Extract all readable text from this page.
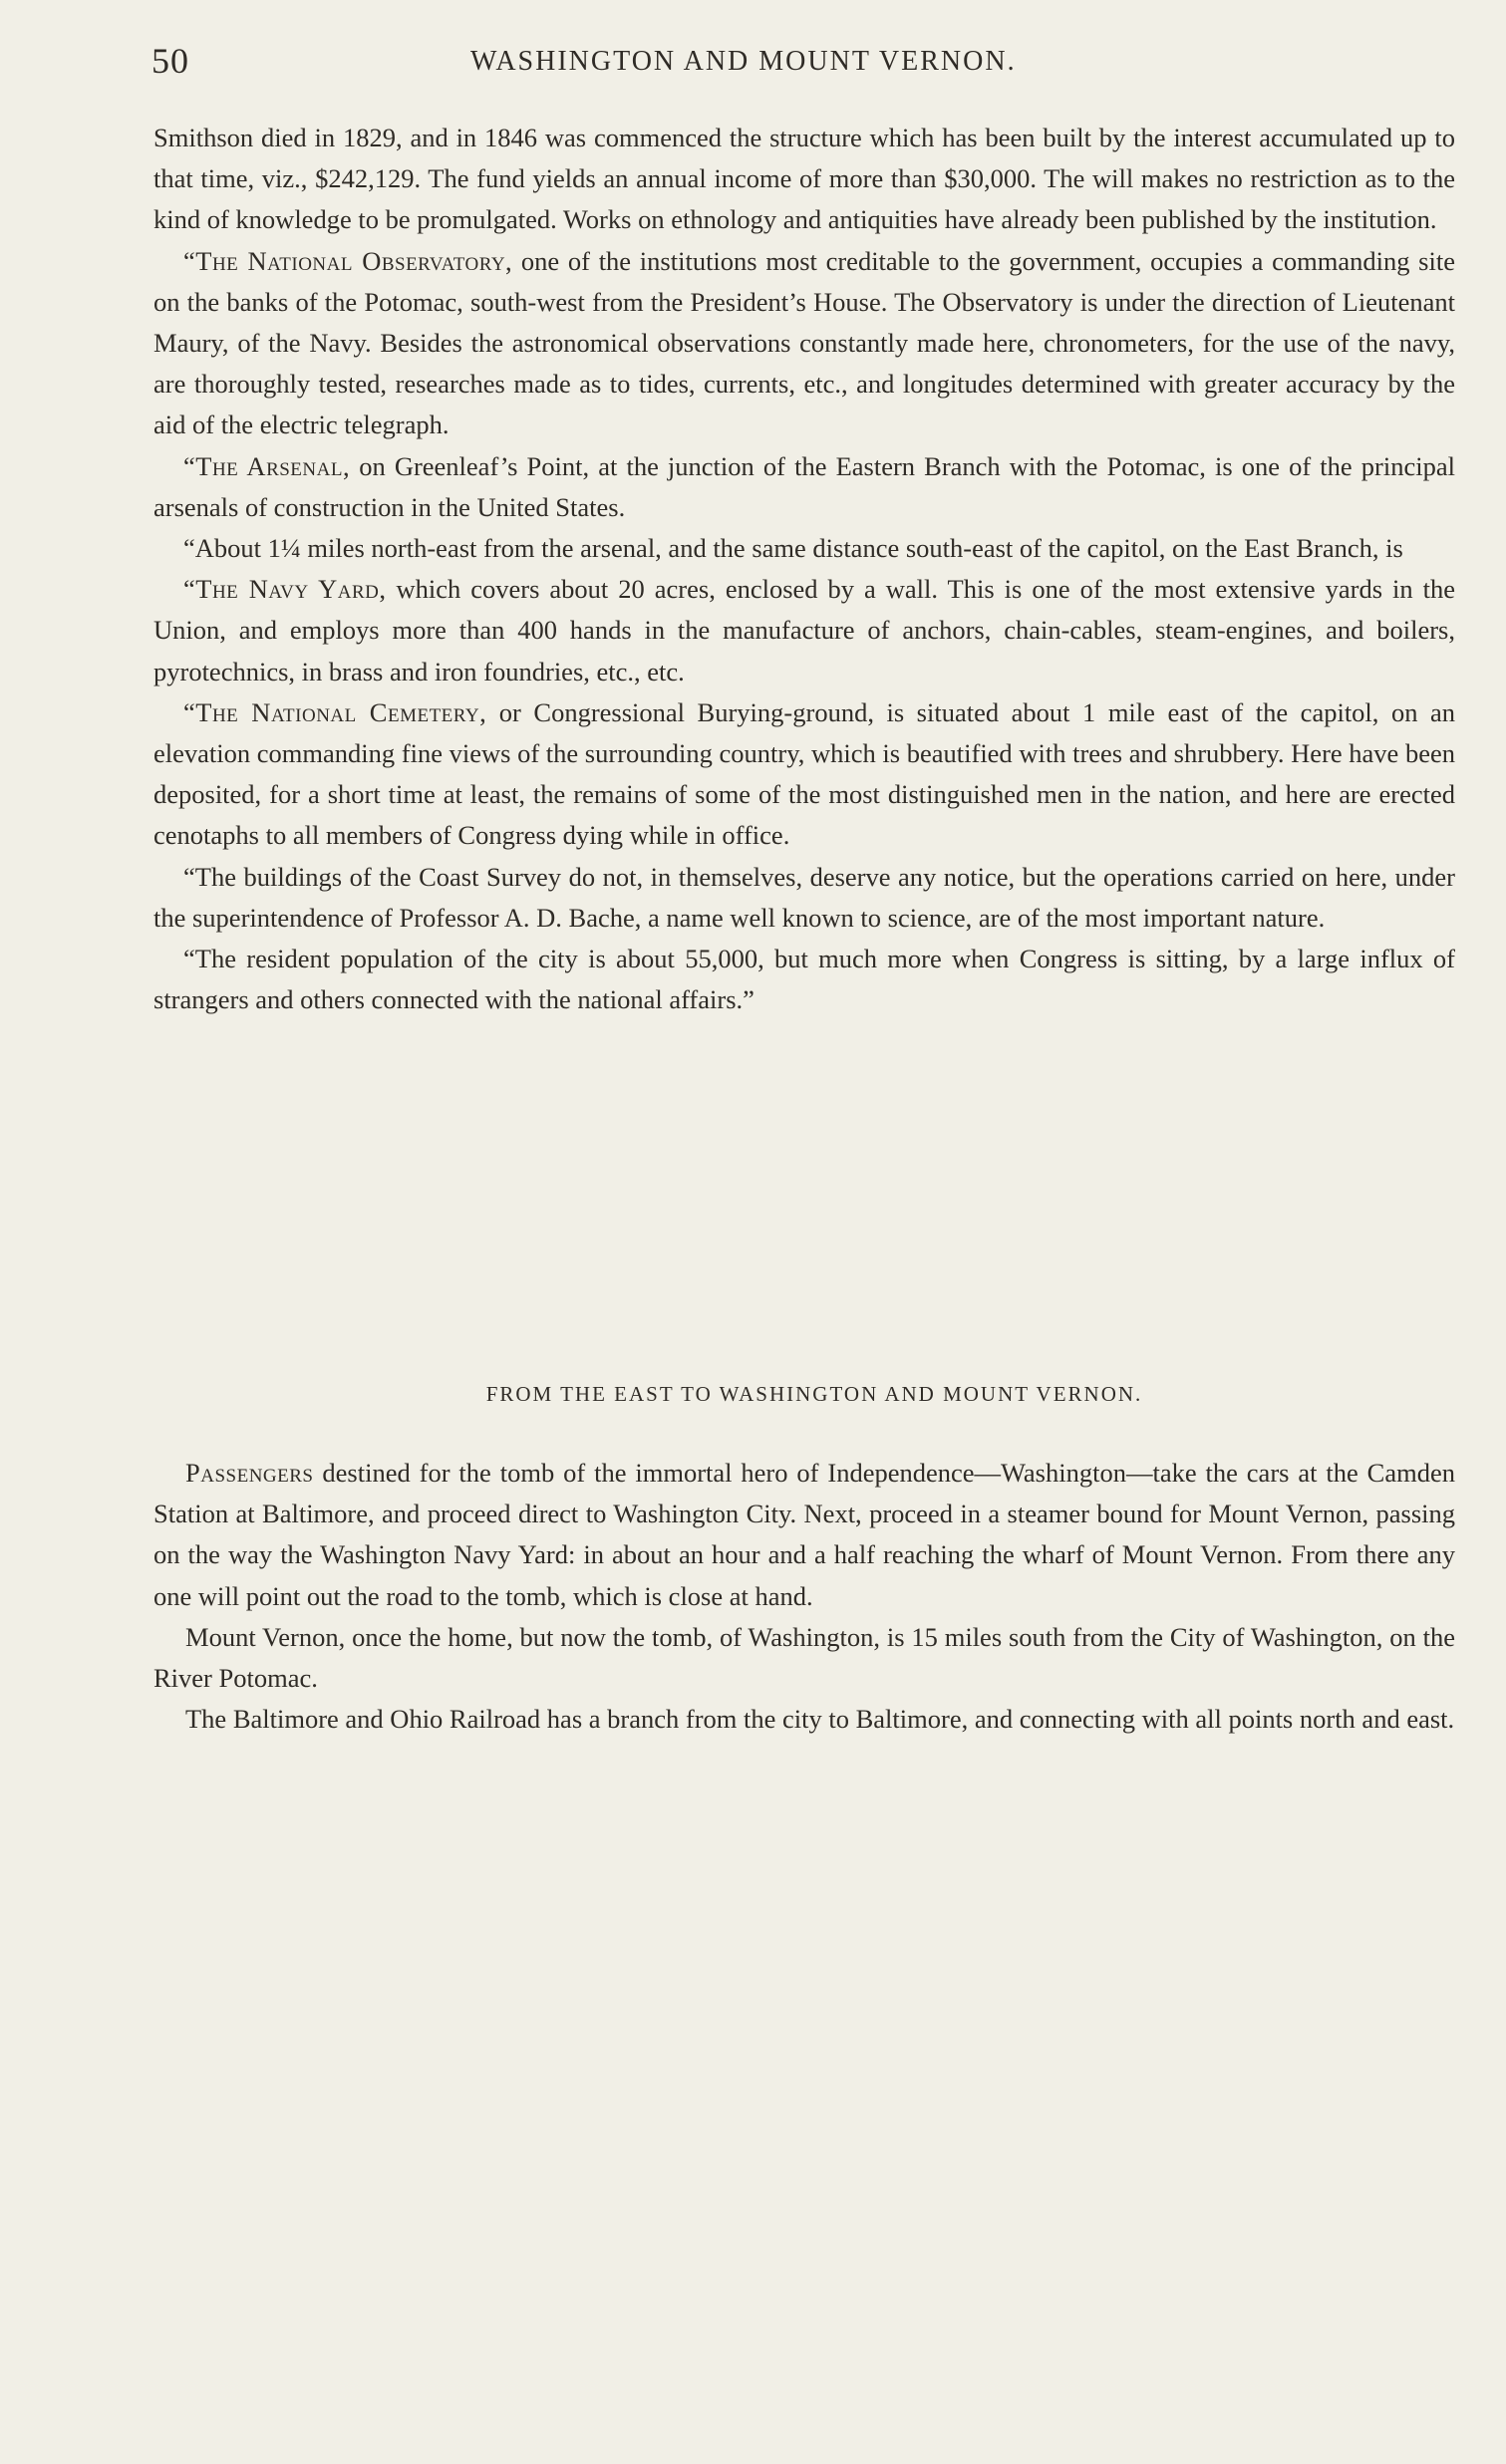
50	WASHINGTON AND MOUNT VERNON.

Smithson died in 1829, and in 1846 was commenced the structure which has been built by the interest accumulated up to that time, viz., $242,129. The fund yields an annual income of more than $30,000. The will makes no restriction as to the kind of knowledge to be promulgated. Works on ethnology and antiquities have already been published by the institution.

“The National Observatory, one of the institutions most creditable to the government, occupies a commanding site on the banks of the Potomac, south-west from the President’s House. The Observatory is under the direction of Lieutenant Maury, of the Navy. Besides the astronomical observations constantly made here, chronometers, for the use of the navy, are thoroughly tested, researches made as to tides, currents, etc., and longitudes determined with greater accuracy by the aid of the electric telegraph.

“The Arsenal, on Greenleaf’s Point, at the junction of the Eastern Branch with the Potomac, is one of the principal arsenals of construction in the United States.

“About 1¼ miles north-east from the arsenal, and the same distance south-east of the capitol, on the East Branch, is

“The Navy Yard, which covers about 20 acres, enclosed by a wall. This is one of the most extensive yards in the Union, and employs more than 400 hands in the manufacture of anchors, chain-cables, steam-engines, and boilers, pyrotechnics, in brass and iron foundries, etc., etc.

“The National Cemetery, or Congressional Burying-ground, is situated about 1 mile east of the capitol, on an elevation commanding fine views of the surrounding country, which is beautified with trees and shrubbery. Here have been deposited, for a short time at least, the remains of some of the most distinguished men in the nation, and here are erected cenotaphs to all members of Congress dying while in office.

“The buildings of the Coast Survey do not, in themselves, deserve any notice, but the operations carried on here, under the superintendence of Professor A. D. Bache, a name well known to science, are of the most important nature.

“The resident population of the city is about 55,000, but much more when Congress is sitting, by a large influx of strangers and others connected with the national affairs.”

FROM THE EAST TO WASHINGTON AND MOUNT VERNON.

Passengers destined for the tomb of the immortal hero of Independence—Washington—take the cars at the Camden Station at Baltimore, and proceed direct to Washington City. Next, proceed in a steamer bound for Mount Vernon, passing on the way the Washington Navy Yard: in about an hour and a half reaching the wharf of Mount Vernon. From there any one will point out the road to the tomb, which is close at hand.

Mount Vernon, once the home, but now the tomb, of Washington, is 15 miles south from the City of Washington, on the River Potomac.

The Baltimore and Ohio Railroad has a branch from the city to Baltimore, and connecting with all points north and east.
